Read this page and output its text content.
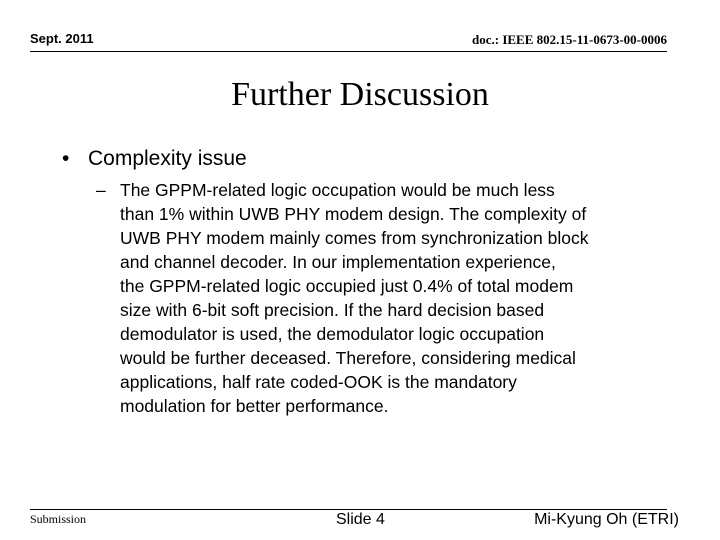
Sept. 2011	doc.: IEEE 802.15-11-0673-00-0006
Further Discussion
• Complexity issue
– The GPPM-related logic occupation would be much less
than 1% within UWB PHY modem design. The complexity of
UWB PHY modem mainly comes from synchronization block
and channel decoder. In our implementation experience,
the GPPM-related logic occupied just 0.4% of total modem
size with 6-bit soft precision. If the hard decision based
demodulator is used, the demodulator logic occupation
would be further deceased. Therefore, considering medical
applications, half rate coded-OOK is the mandatory
modulation for better performance.
Submission	Slide 4	Mi-Kyung Oh (ETRI)
